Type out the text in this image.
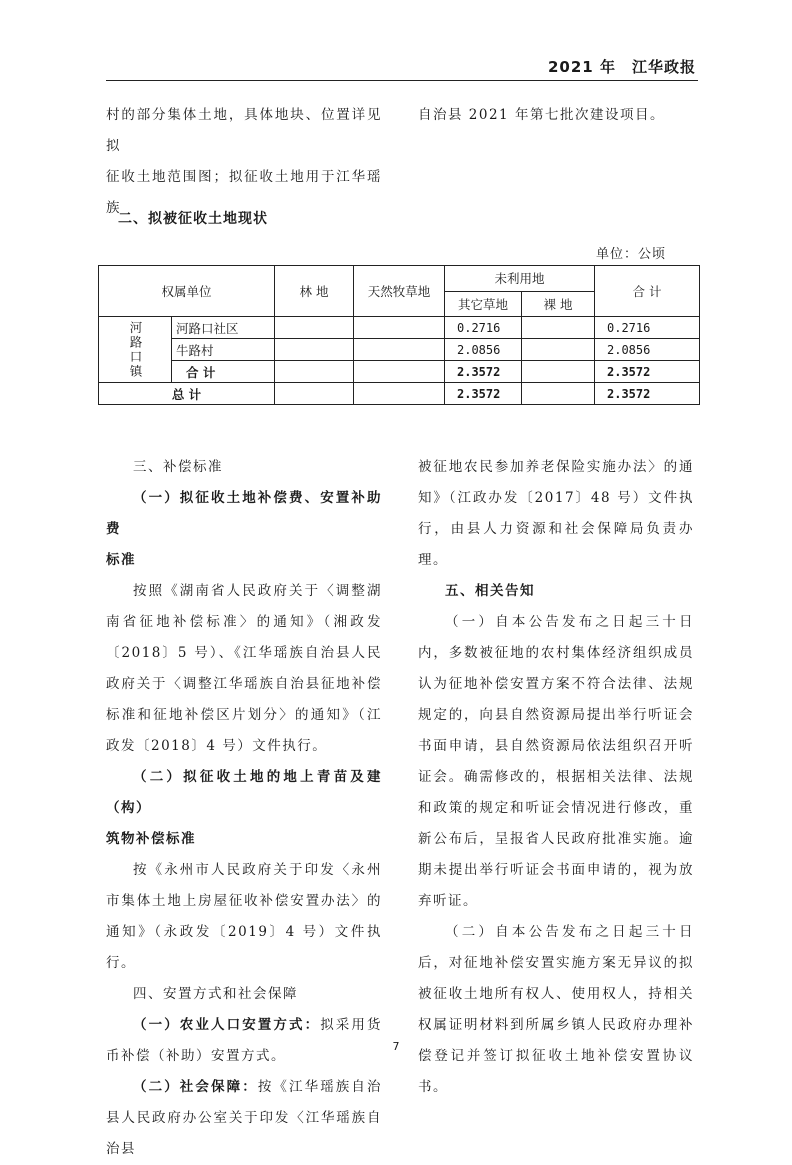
2021 年 江华政报

村的部分集体土地，具体地块、位置详见拟

征收土地范围图；拟征收土地用于江华瑶族

自治县 2021 年第七批次建设项目。

二、拟被征收土地现状
单位：公顷
权属单位		林 地	天然牧草地	未利用地		合 计
				其它草地	裸 地	
河路口镇	河路口社区			0.2716		0.2716
	牛路村			2.0856		2.0856
	合 计			2.3572		2.3572
总 计				2.3572		2.3572

三、补偿标准

（一）拟征收土地补偿费、安置补助费

标准

按照《湖南省人民政府关于〈调整湖南省征地补偿标准〉的通知》（湘政发〔2018〕5 号）、《江华瑶族自治县人民政府关于〈调整江华瑶族自治县征地补偿标准和征地补偿区片划分〉的通知》（江政发〔2018〕4 号）文件执行。

（二）拟征收土地的地上青苗及建（构）

筑物补偿标准

按《永州市人民政府关于印发〈永州市集体土地上房屋征收补偿安置办法〉的通知》（永政发〔2019〕4 号）文件执行。

四、安置方式和社会保障

（一）农业人口安置方式：拟采用货币补偿（补助）安置方式。

（二）社会保障：按《江华瑶族自治县人民政府办公室关于印发〈江华瑶族自治县

被征地农民参加养老保险实施办法〉的通知》（江政办发〔2017〕48 号）文件执行，由县人力资源和社会保障局负责办理。

五、相关告知

（一）自本公告发布之日起三十日内，多数被征地的农村集体经济组织成员认为征地补偿安置方案不符合法律、法规规定的，向县自然资源局提出举行听证会书面申请，县自然资源局依法组织召开听证会。确需修改的，根据相关法律、法规和政策的规定和听证会情况进行修改，重新公布后，呈报省人民政府批准实施。逾期未提出举行听证会书面申请的，视为放弃听证。

（二）自本公告发布之日起三十日后，对征地补偿安置实施方案无异议的拟被征收土地所有权人、使用权人，持相关权属证明材料到所属乡镇人民政府办理补偿登记并签订拟征收土地补偿安置协议书。

7
